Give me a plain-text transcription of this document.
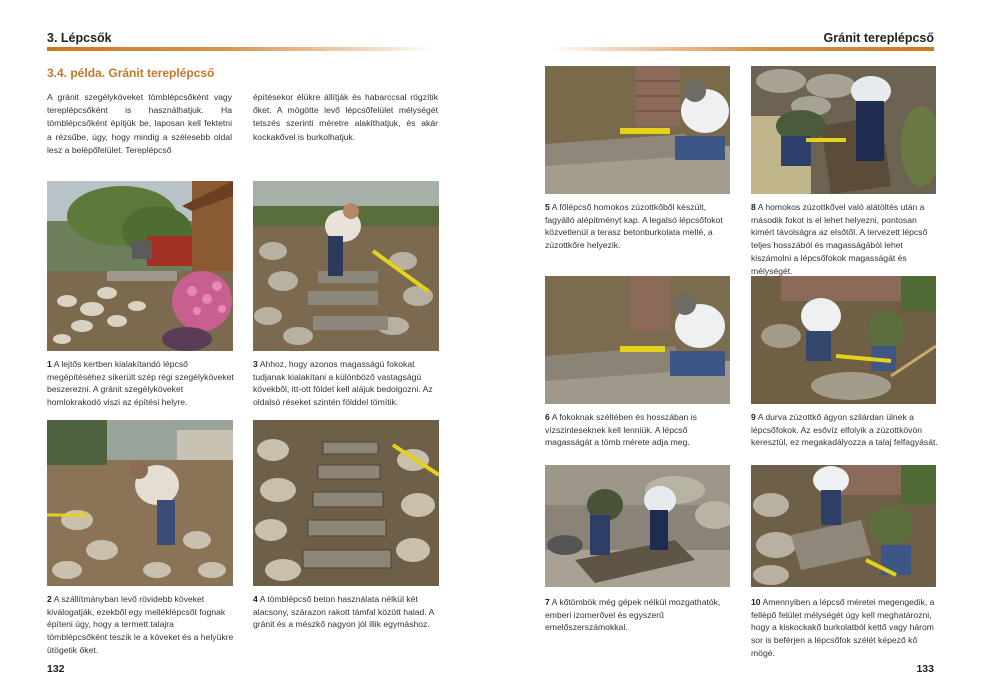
3. Lépcsők
3.4. példa. Gránit tereplépcső
A gránit szegélyköveket tömblépcsőként vagy tereplépcsőként is használhatjuk. Ha tömblépcsőként építjük be, laposan kell fektetni a rézsűbe, úgy, hogy mindig a szélesebb oldal lesz a belépőfelület. Tereplépcső
építésekor élükre állítják és habarccsal rögzítik őket. A mögötte levő lépcsőfelület mélységét tetszés szerinti méretre alakíthatjuk, és akár kockakővel is burkolhatjuk.
1 A lejtős kertben kialakítandó lépcső megépítéséhez sikerült szép régi szegélyköveket beszerezni. A gránit szegélyköveket homlokrakodó viszi az építési helyre.
3 Ahhoz, hogy azonos magasságú fokokat tudjanak kialakítani a különböző vastagságú kövekből, itt-ott földet kell alájuk bedolgozni. Az oldalsó réseket szintén földdel tömítik.
2 A szállítmányban levő rövidebb köveket kiválogatják, ezekből egy melléklépcsőt fognak építeni úgy, hogy a termett talajra tömblépcsőként teszik le a köveket és a helyükre ütögetik őket.
4 A tömblépcső beton használata nélkül két alacsony, szárazon rakott támfal között halad. A gránit és a mészkő nagyon jól illik egymáshoz.
132
Gránit tereplépcső
5 A főlépcső homokos zúzottkőből készült, fagyálló alépítményt kap. A legalsó lépcsőfokot közvetlenül a terasz betonburkolata mellé, a zúzottkőre helyezik.
8 A homokos zúzottkővel való alátöltés után a második fokot is el lehet helyezni, pontosan kimért távolságra az elsőtől. A tervezett lépcső teljes hosszából és magasságából lehet kiszámolni a lépcsőfokok magasságát és mélységét.
6 A fokoknak széltében és hosszában is vízszinteseknek kell lenniük. A lépcső magasságát a tömb mérete adja meg.
9 A durva zúzottkő ágyon szilárdan ülnek a lépcsőfokok. Az esővíz elfolyik a zúzottkövön keresztül, ez megakadályozza a talaj felfagyását.
7 A kőtömbök még gépek nélkül mozgathatók, emberi izomerővel és egyszerű emelőszerszámokkal.
10 Amennyiben a lépcső méretei megengedik, a fellépő felület mélységét úgy kell meghatározni, hogy a kiskockakő burkolatból kettő vagy három sor is beférjen a lépcsőfok szélét képező kő mögé.
133
